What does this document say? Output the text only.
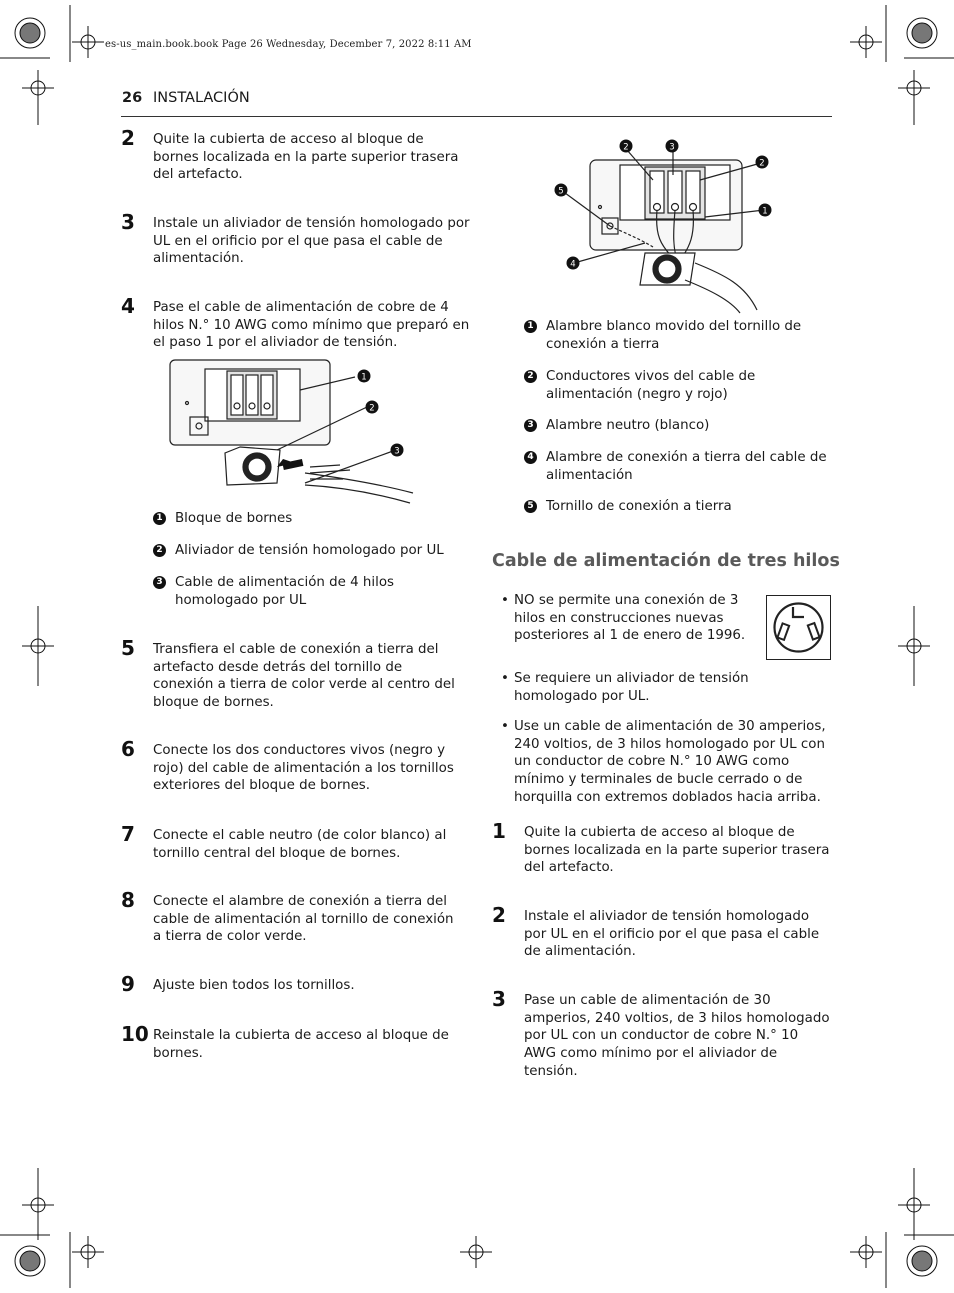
es-us_main.book.book Page 26 Wednesday, December 7, 2022 8:11 AM
26 INSTALACIÓN
2 Quite la cubierta de acceso al bloque de bornes localizada en la parte superior trasera del artefacto.
3 Instale un aliviador de tensión homologado por UL en el orificio por el que pasa el cable de alimentación.
4 Pase el cable de alimentación de cobre de 4 hilos N.° 10 AWG como mínimo que preparó en el paso 1 por el aliviador de tensión.
1
2
3
1 Bloque de bornes
2 Aliviador de tensión homologado por UL
3 Cable de alimentación de 4 hilos homologado por UL
5 Transfiera el cable de conexión a tierra del artefacto desde detrás del tornillo de conexión a tierra de color verde al centro del bloque de bornes.
6 Conecte los dos conductores vivos (negro y rojo) del cable de alimentación a los tornillos exteriores del bloque de bornes.
7 Conecte el cable neutro (de color blanco) al tornillo central del bloque de bornes.
8 Conecte el alambre de conexión a tierra del cable de alimentación al tornillo de conexión a tierra de color verde.
9 Ajuste bien todos los tornillos.
10 Reinstale la cubierta de acceso al bloque de bornes.
2	3
2
5
1
4
1 Alambre blanco movido del tornillo de conexión a tierra
2 Conductores vivos del cable de alimentación (negro y rojo)
3 Alambre neutro (blanco)
4 Alambre de conexión a tierra del cable de alimentación
5 Tornillo de conexión a tierra
Cable de alimentación de tres hilos
• NO se permite una conexión de 3 hilos en construcciones nuevas posteriores al 1 de enero de 1996.
• Se requiere un aliviador de tensión homologado por UL.
• Use un cable de alimentación de 30 amperios, 240 voltios, de 3 hilos homologado por UL con un conductor de cobre N.° 10 AWG como mínimo y terminales de bucle cerrado o de horquilla con extremos doblados hacia arriba.
1 Quite la cubierta de acceso al bloque de bornes localizada en la parte superior trasera del artefacto.
2 Instale el aliviador de tensión homologado por UL en el orificio por el que pasa el cable de alimentación.
3 Pase un cable de alimentación de 30 amperios, 240 voltios, de 3 hilos homologado por UL con un conductor de cobre N.° 10 AWG como mínimo por el aliviador de tensión.
